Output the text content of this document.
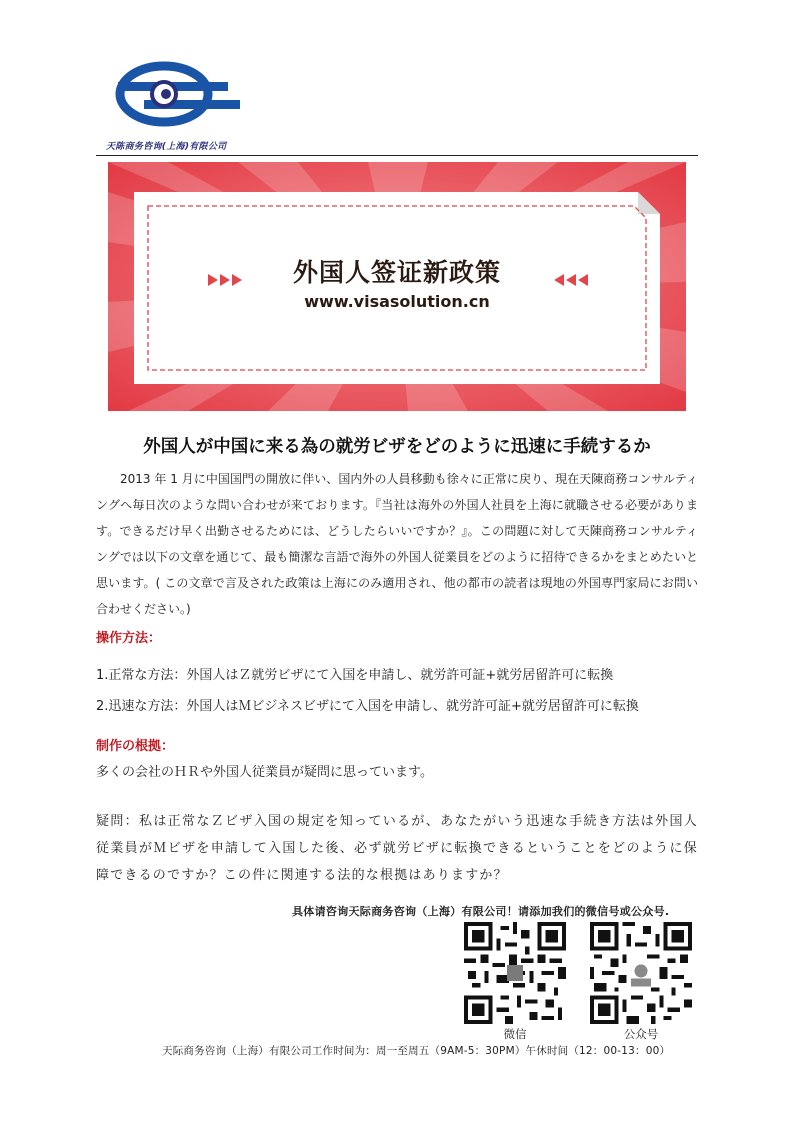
天陈商务咨询(上海)有限公司
外国人签证新政策
www.visasolution.cn
外国人が中国に来る為の就労ビザをどのように迅速に手続するか
2013 年 1 月に中国国門の開放に伴い、国内外の人員移動も徐々に正常に戻り、現在天陳商務コンサルティングへ毎日次のような問い合わせが来ております。『当社は海外の外国人社員を上海に就職させる必要があります。できるだけ早く出勤させるためには、どうしたらいいですか？』。この問題に対して天陳商務コンサルティングでは以下の文章を通じて、最も簡潔な言語で海外の外国人従業員をどのように招待できるかをまとめたいと思います。( この文章で言及された政策は上海にのみ適用され、他の都市の読者は現地の外国専門家局にお問い合わせください。)
操作方法：
1.正常な方法：外国人はＺ就労ビザにて入国を申請し、就労許可証+就労居留許可に転換
2.迅速な方法：外国人はＭビジネスビザにて入国を申請し、就労許可証+就労居留許可に転換
制作の根拠：
多くの会社のＨＲや外国人従業員が疑問に思っています。
疑問：私は正常なＺビザ入国の規定を知っているが、あなたがいう迅速な手続き方法は外国人従業員がＭビザを申請して入国した後、必ず就労ビザに転換できるということをどのように保障できるのですか？この件に関連する法的な根拠はありますか？
具体请咨询天际商务咨询（上海）有限公司！请添加我们的微信号或公众号.
微信	公众号
天际商务咨询（上海）有限公司工作时间为：周一至周五（9AM-5：30PM）午休时间（12：00-13：00）
